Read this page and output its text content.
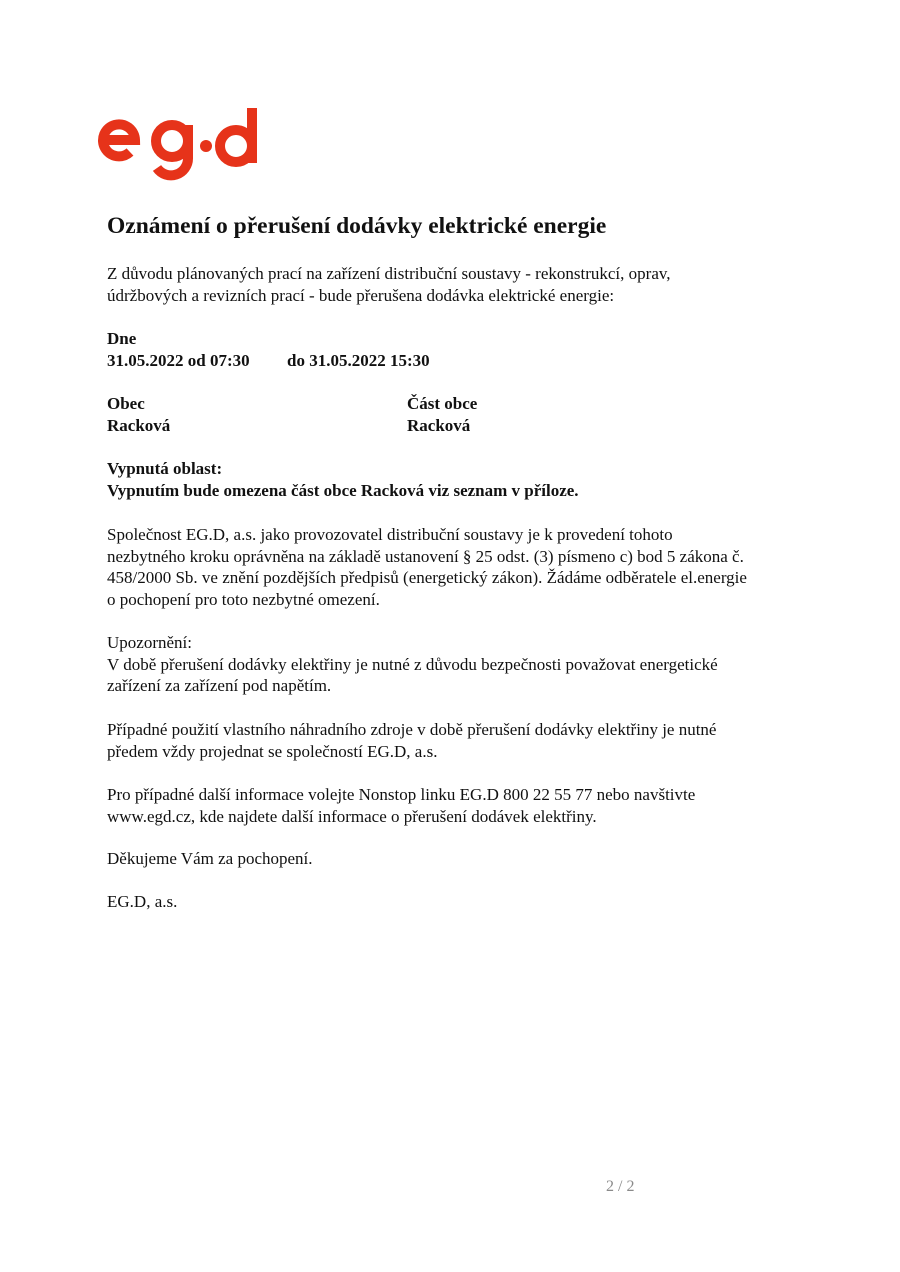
Oznámení o přerušení dodávky elektrické energie

Z důvodu plánovaných prací na zařízení distribuční soustavy - rekonstrukcí, oprav,
údržbových a revizních prací - bude přerušena dodávka elektrické energie:

Dne

31.05.2022 od 07:30 do 31.05.2022 15:30

Obec

Racková

Část obce

Racková

Vypnutá oblast:
Vypnutím bude omezena část obce Racková viz seznam v příloze.

Společnost EG.D, a.s. jako provozovatel distribuční soustavy je k provedení tohoto
nezbytného kroku oprávněna na základě ustanovení § 25 odst. (3) písmeno c) bod 5 zákona č.
458/2000 Sb. ve znění pozdějších předpisů (energetický zákon). Žádáme odběratele el.energie
o pochopení pro toto nezbytné omezení.

Upozornění:
V době přerušení dodávky elektřiny je nutné z důvodu bezpečnosti považovat energetické
zařízení za zařízení pod napětím.

Případné použití vlastního náhradního zdroje v době přerušení dodávky elektřiny je nutné
předem vždy projednat se společností EG.D, a.s.

Pro případné další informace volejte Nonstop linku EG.D 800 22 55 77 nebo navštivte
www.egd.cz, kde najdete další informace o přerušení dodávek elektřiny.

Děkujeme Vám za pochopení.

EG.D, a.s.

2 / 2
